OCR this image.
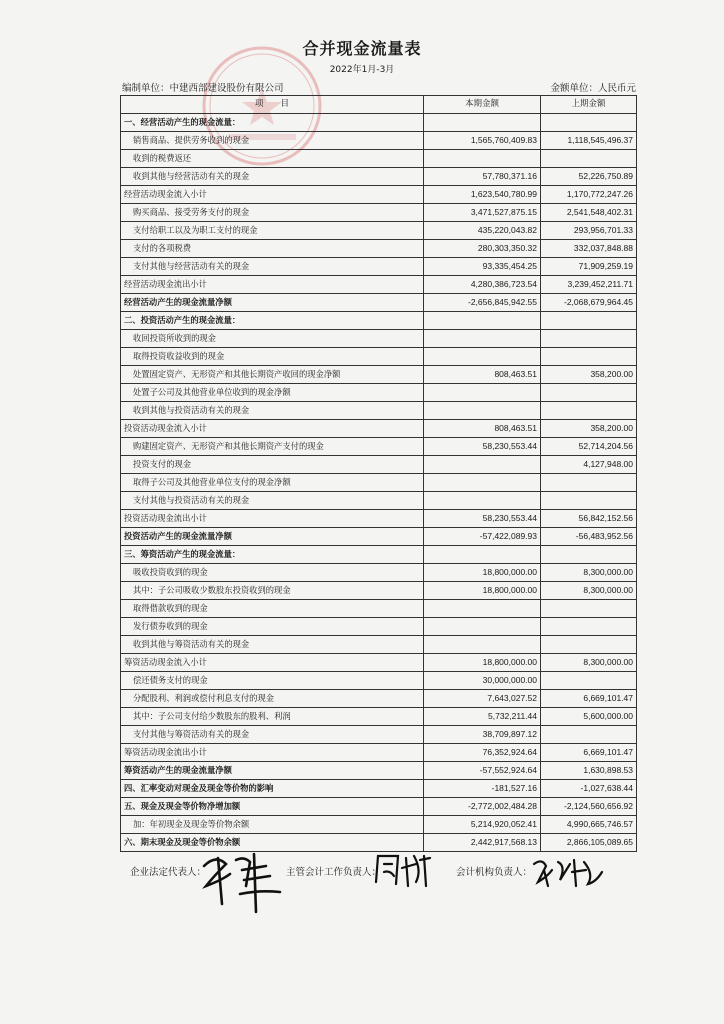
合并现金流量表
2022年1月-3月
编制单位：中建西部建设股份有限公司	金额单位：人民币元
项　　目	本期金额	上期金额
一、经营活动产生的现金流量：		
销售商品、提供劳务收到的现金	1,565,760,409.83	1,118,545,496.37
收到的税费返还		
收到其他与经营活动有关的现金	57,780,371.16	52,226,750.89
经营活动现金流入小计	1,623,540,780.99	1,170,772,247.26
购买商品、接受劳务支付的现金	3,471,527,875.15	2,541,548,402.31
支付给职工以及为职工支付的现金	435,220,043.82	293,956,701.33
支付的各项税费	280,303,350.32	332,037,848.88
支付其他与经营活动有关的现金	93,335,454.25	71,909,259.19
经营活动现金流出小计	4,280,386,723.54	3,239,452,211.71
经营活动产生的现金流量净额	-2,656,845,942.55	-2,068,679,964.45
二、投资活动产生的现金流量：		
收回投资所收到的现金		
取得投资收益收到的现金		
处置固定资产、无形资产和其他长期资产收回的现金净额	808,463.51	358,200.00
处置子公司及其他营业单位收到的现金净额		
收到其他与投资活动有关的现金		
投资活动现金流入小计	808,463.51	358,200.00
购建固定资产、无形资产和其他长期资产支付的现金	58,230,553.44	52,714,204.56
投资支付的现金		4,127,948.00
取得子公司及其他营业单位支付的现金净额		
支付其他与投资活动有关的现金		
投资活动现金流出小计	58,230,553.44	56,842,152.56
投资活动产生的现金流量净额	-57,422,089.93	-56,483,952.56
三、筹资活动产生的现金流量：		
吸收投资收到的现金	18,800,000.00	8,300,000.00
其中：子公司吸收少数股东投资收到的现金	18,800,000.00	8,300,000.00
取得借款收到的现金		
发行债券收到的现金		
收到其他与筹资活动有关的现金		
筹资活动现金流入小计	18,800,000.00	8,300,000.00
偿还债务支付的现金	30,000,000.00	
分配股利、利润或偿付利息支付的现金	7,643,027.52	6,669,101.47
其中：子公司支付给少数股东的股利、利润	5,732,211.44	5,600,000.00
支付其他与筹资活动有关的现金	38,709,897.12	
筹资活动现金流出小计	76,352,924.64	6,669,101.47
筹资活动产生的现金流量净额	-57,552,924.64	1,630,898.53
四、汇率变动对现金及现金等价物的影响	-181,527.16	-1,027,638.44
五、现金及现金等价物净增加额	-2,772,002,484.28	-2,124,560,656.92
加：年初现金及现金等价物余额	5,214,920,052.41	4,990,665,746.57
六、期末现金及现金等价物余额	2,442,917,568.13	2,866,105,089.65
企业法定代表人：	主管会计工作负责人：	会计机构负责人：
